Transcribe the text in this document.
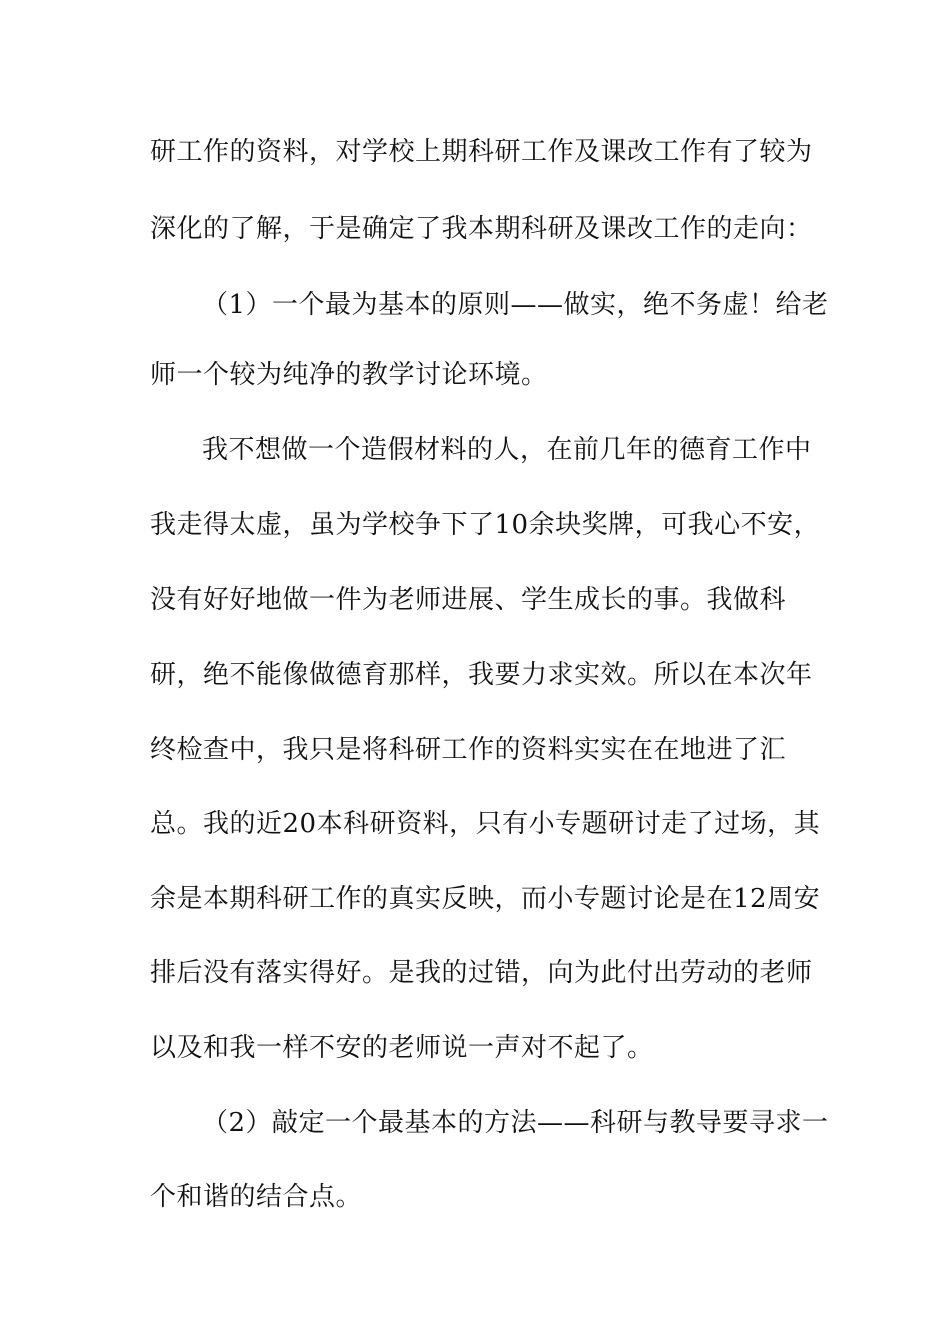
研工作的资料，对学校上期科研工作及课改工作有了较为
深化的了解，于是确定了我本期科研及课改工作的走向：
（1）一个最为基本的原则——做实，绝不务虚！给老
师一个较为纯净的教学讨论环境。
我不想做一个造假材料的人，在前几年的德育工作中
我走得太虚，虽为学校争下了10余块奖牌，可我心不安，
没有好好地做一件为老师进展、学生成长的事。我做科
研，绝不能像做德育那样，我要力求实效。所以在本次年
终检查中，我只是将科研工作的资料实实在在地进了汇
总。我的近20本科研资料，只有小专题研讨走了过场，其
余是本期科研工作的真实反映，而小专题讨论是在12周安
排后没有落实得好。是我的过错，向为此付出劳动的老师
以及和我一样不安的老师说一声对不起了。
（2）敲定一个最基本的方法——科研与教导要寻求一
个和谐的结合点。
